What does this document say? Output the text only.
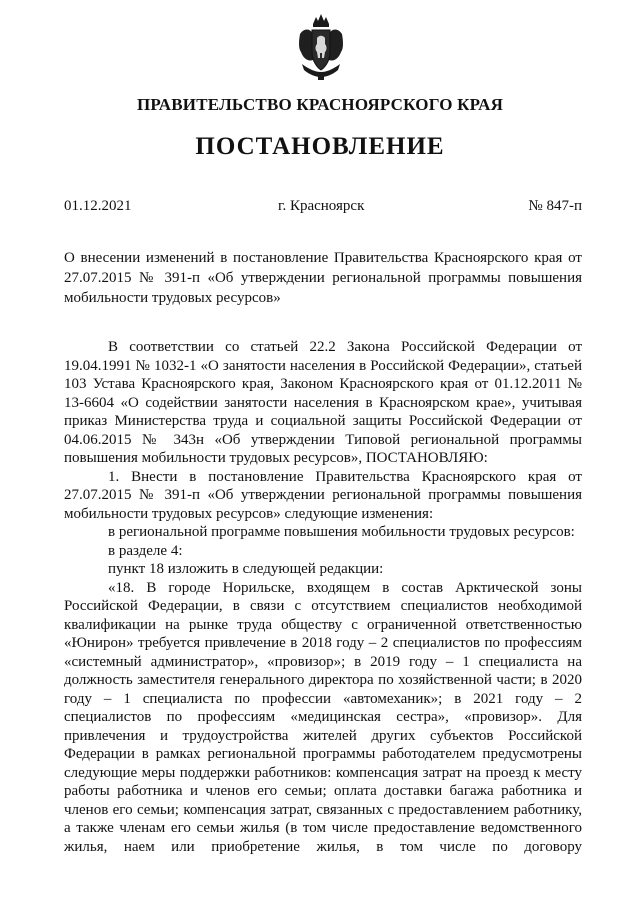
ПРАВИТЕЛЬСТВО КРАСНОЯРСКОГО КРАЯ
ПОСТАНОВЛЕНИЕ
01.12.2021	г. Красноярск	№ 847-п
О внесении изменений в постановление Правительства Красноярского края от 27.07.2015 № 391-п «Об утверждении региональной программы повышения мобильности трудовых ресурсов»

В соответствии со статьей 22.2 Закона Российской Федерации от 19.04.1991 № 1032-1 «О занятости населения в Российской Федерации», статьей 103 Устава Красноярского края, Законом Красноярского края от 01.12.2011 № 13-6604 «О содействии занятости населения в Красноярском крае», учитывая приказ Министерства труда и социальной защиты Российской Федерации от 04.06.2015 № 343н «Об утверждении Типовой региональной программы повышения мобильности трудовых ресурсов», ПОСТАНОВЛЯЮ:

1. Внести в постановление Правительства Красноярского края от 27.07.2015 № 391-п «Об утверждении региональной программы повышения мобильности трудовых ресурсов» следующие изменения:

в региональной программе повышения мобильности трудовых ресурсов:

в разделе 4:

пункт 18 изложить в следующей редакции:

«18. В городе Норильске, входящем в состав Арктической зоны Российской Федерации, в связи с отсутствием специалистов необходимой квалификации на рынке труда обществу с ограниченной ответственностью «Юнирон» требуется привлечение в 2018 году – 2 специалистов по профессиям «системный администратор», «провизор»; в 2019 году – 1 специалиста на должность заместителя генерального директора по хозяйственной части; в 2020 году – 1 специалиста по профессии «автомеханик»; в 2021 году – 2 специалистов по профессиям «медицинская сестра», «провизор». Для привлечения и трудоустройства жителей других субъектов Российской Федерации в рамках региональной программы работодателем предусмотрены следующие меры поддержки работников: компенсация затрат на проезд к месту работы работника и членов его семьи; оплата доставки багажа работника и членов его семьи; компенсация затрат, связанных с предоставлением работнику, а также членам его семьи жилья (в том числе предоставление ведомственного жилья, наем или приобретение жилья, в том числе по договору
